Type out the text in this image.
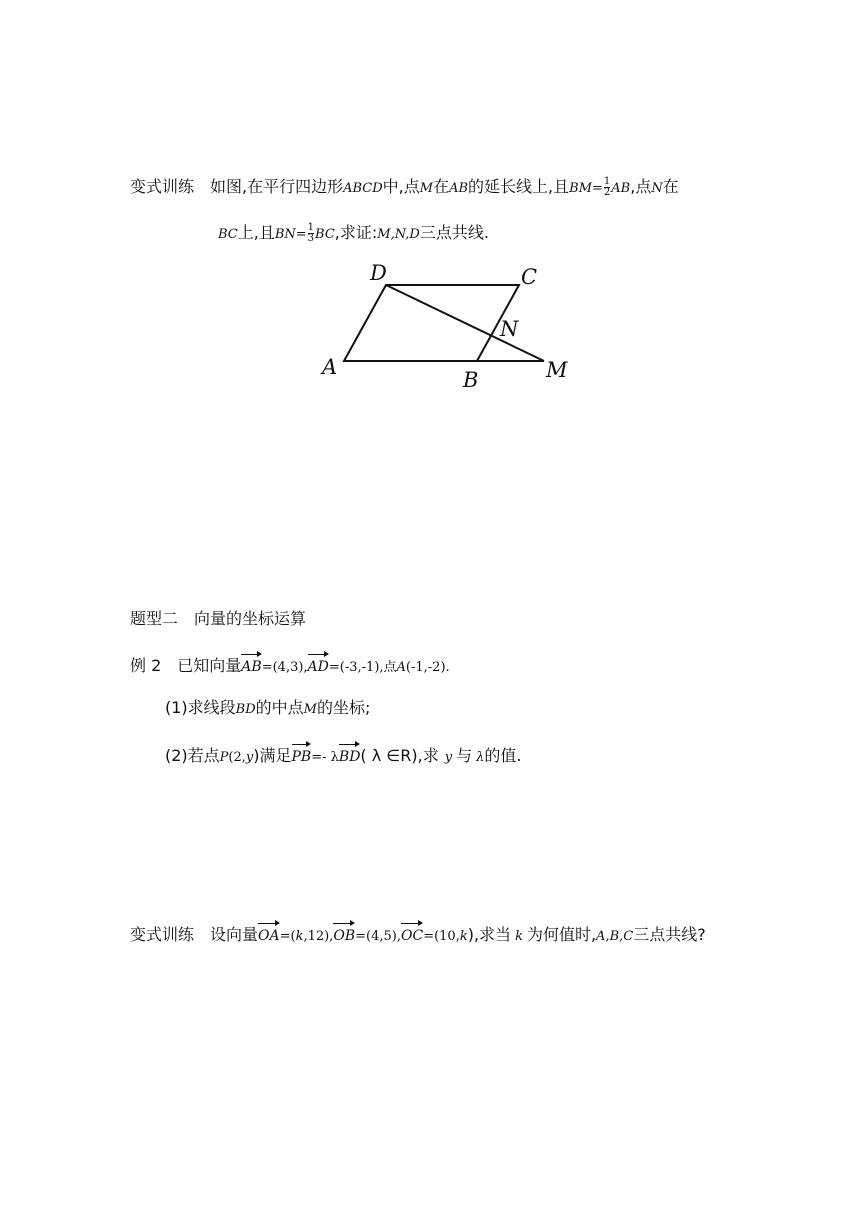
变式训练 如图,在平行四边形ABCD中,点M在AB的延长线上,且$BM= \frac{1}{2}$ AB,点N在
BC上,且$BN= \frac{1}{3}$ BC,求证:M,N,D三点共线.
A
B
C
D
M
N
题型二　向量的坐标运算
例 2 已知向量AB=(4,3),AD=(-3,-1),点A(-1,-2).
(1)求线段BD的中点M的坐标;
(2)若点P(2,y)满足PB=- λBD( λ ∈R),求 y 与 λ的值.
变式训练 设向量OA=(k,12),OB=(4,5),OC=(10,k),求当 k 为何值时,A,B,C三点共线?
